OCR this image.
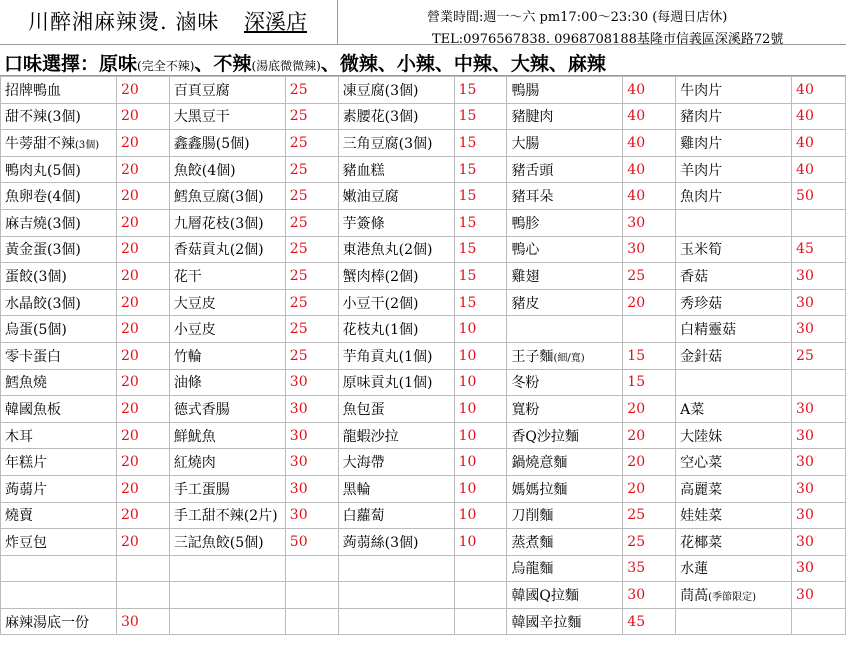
川醉湘麻辣燙. 滷味 深溪店	營業時間:週一～六 pm17:00～23:30 (每週日店休)
TEL:0976567838. 0968708188基隆市信義區深溪路72號
口味選擇：原味(完全不辣)、不辣(湯底微微辣)、微辣、小辣、中辣、大辣、麻辣
招牌鴨血	20	百頁豆腐	25	凍豆腐(3個)	15	鴨腸	40	牛肉片	40
甜不辣(3個)	20	大黑豆干	25	素腰花(3個)	15	豬腱肉	40	豬肉片	40
牛蒡甜不辣(3個)	20	鑫鑫腸(5個)	25	三角豆腐(3個)	15	大腸	40	雞肉片	40
鴨肉丸(5個)	20	魚餃(4個)	25	豬血糕	15	豬舌頭	40	羊肉片	40
魚卵卷(4個)	20	鱈魚豆腐(3個)	25	嫩油豆腐	15	豬耳朵	40	魚肉片	50
麻吉燒(3個)	20	九層花枝(3個)	25	芋簽條	15	鴨胗	30		
黃金蛋(3個)	20	香菇貢丸(2個)	25	東港魚丸(2個)	15	鴨心	30	玉米筍	45
蛋餃(3個)	20	花干	25	蟹肉棒(2個)	15	雞翅	25	香菇	30
水晶餃(3個)	20	大豆皮	25	小豆干(2個)	15	豬皮	20	秀珍菇	30
烏蛋(5個)	20	小豆皮	25	花枝丸(1個)	10			白精靈菇	30
零卡蛋白	20	竹輪	25	芋角貢丸(1個)	10	王子麵(細/寬)	15	金針菇	25
鱈魚燒	20	油條	30	原味貢丸(1個)	10	冬粉	15		
韓國魚板	20	德式香腸	30	魚包蛋	10	寬粉	20	A菜	30
木耳	20	鮮魷魚	30	龍蝦沙拉	10	香Q沙拉麵	20	大陸妹	30
年糕片	20	紅燒肉	30	大海帶	10	鍋燒意麵	20	空心菜	30
蒟蒻片	20	手工蛋腸	30	黑輪	10	媽媽拉麵	20	高麗菜	30
燒賣	20	手工甜不辣(2片)	30	白蘿蔔	10	刀削麵	25	娃娃菜	30
炸豆包	20	三記魚餃(5個)	50	蒟蒻絲(3個)	10	蒸煮麵	25	花椰菜	30
						烏龍麵	35	水蓮	30
						韓國Q拉麵	30	茼萵(季節限定)	30
麻辣湯底一份	30					韓國辛拉麵	45		
